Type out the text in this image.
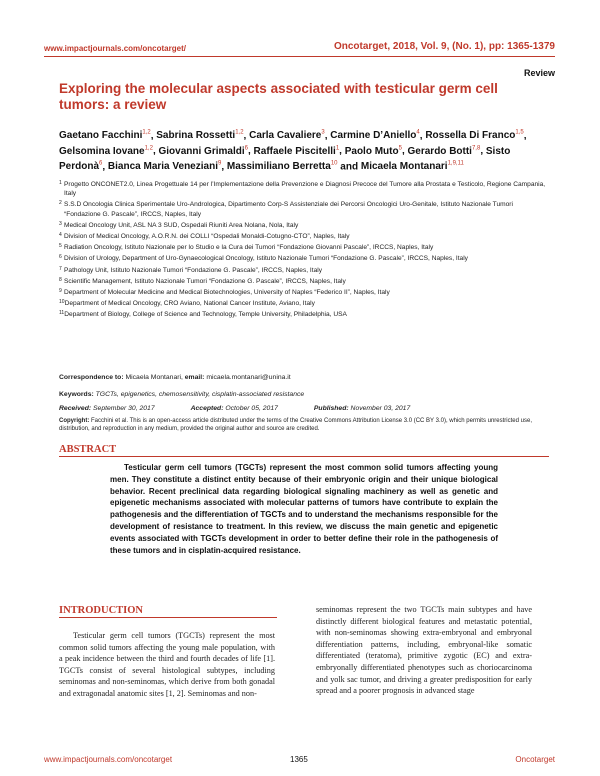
www.impactjournals.com/oncotarget/	Oncotarget, 2018, Vol. 9, (No. 1), pp: 1365-1379
Review
Exploring the molecular aspects associated with testicular germ cell tumors: a review
Gaetano Facchini$^{1,2}$, Sabrina Rossetti$^{1,2}$, Carla Cavaliere$^3$, Carmine D’Aniello$^4$, Rossella Di Franco$^{1,5}$, Gelsomina Iovane$^{1,2}$, Giovanni Grimaldi$^6$, Raffaele Piscitelli$^1$, Paolo Muto$^5$, Gerardo Botti$^{7,8}$, Sisto Perdonà$^6$, Bianca Maria Veneziani$^9$, Massimiliano Berretta$^{10}$ and Micaela Montanari$^{1,9,11}$
1 Progetto ONCONET2.0, Linea Progettuale 14 per l’Implementazione della Prevenzione e Diagnosi Precoce del Tumore alla Prostata e Testicolo, Regione Campania, Italy
2 S.S.D Oncologia Clinica Sperimentale Uro-Andrologica, Dipartimento Corp-S Assistenziale dei Percorsi Oncologici Uro-Genitale, Istituto Nazionale Tumori “Fondazione G. Pascale”, IRCCS, Naples, Italy
3 Medical Oncology Unit, ASL NA 3 SUD, Ospedali Riuniti Area Nolana, Nola, Italy
4 Division of Medical Oncology, A.O.R.N. dei COLLI “Ospedali Monaldi-Cotugno-CTO”, Naples, Italy
5 Radiation Oncology, Istituto Nazionale per lo Studio e la Cura dei Tumori “Fondazione Giovanni Pascale”, IRCCS, Naples, Italy
6 Division of Urology, Department of Uro-Gynaecological Oncology, Istituto Nazionale Tumori “Fondazione G. Pascale”, IRCCS, Naples, Italy
7 Pathology Unit, Istituto Nazionale Tumori “Fondazione G. Pascale”, IRCCS, Naples, Italy
8 Scientific Management, Istituto Nazionale Tumori “Fondazione G. Pascale”, IRCCS, Naples, Italy
9 Department of Molecular Medicine and Medical Biotechnologies, University of Naples “Federico II”, Naples, Italy
10 Department of Medical Oncology, CRO Aviano, National Cancer Institute, Aviano, Italy
11 Department of Biology, College of Science and Technology, Temple University, Philadelphia, USA
Correspondence to: Micaela Montanari, email: micaela.montanari@unina.it
Keywords: TGCTs, epigenetics, chemosensitivity, cisplatin-associated resistance
Received: September 30, 2017	Accepted: October 05, 2017	Published: November 03, 2017
Copyright: Facchini et al. This is an open-access article distributed under the terms of the Creative Commons Attribution License 3.0 (CC BY 3.0), which permits unrestricted use, distribution, and reproduction in any medium, provided the original author and source are credited.
ABSTRACT
Testicular germ cell tumors (TGCTs) represent the most common solid tumors affecting young men. They constitute a distinct entity because of their embryonic origin and their unique biological behavior. Recent preclinical data regarding biological signaling machinery as well as genetic and epigenetic mechanisms associated with molecular patterns of tumors have contribute to explain the pathogenesis and the differentiation of TGCTs and to understand the mechanisms responsible for the development of resistance to treatment. In this review, we discuss the main genetic and epigenetic events associated with TGCTs development in order to better define their role in the pathogenesis of these tumors and in cisplatin-acquired resistance.
INTRODUCTION
Testicular germ cell tumors (TGCTs) represent the most common solid tumors affecting the young male population, with a peak incidence between the third and fourth decades of life [1]. TGCTs consist of several histological subtypes, including seminomas and non-seminomas, which derive from both gonadal and extragonadal anatomic sites [1, 2]. Seminomas and non-
seminomas represent the two TGCTs main subtypes and have distinctly different biological features and metastatic potential, with non-seminomas showing extra-embryonal and embryonal differentiation patterns, including, embryonal-like somatic differentiated (teratoma), primitive zygotic (EC) and extra-embryonally differentiated phenotypes such as choriocarcinoma and yolk sac tumor, and driving a greater predisposition for early spread and a poorer prognosis in advanced stage
www.impactjournals.com/oncotarget	1365	Oncotarget
